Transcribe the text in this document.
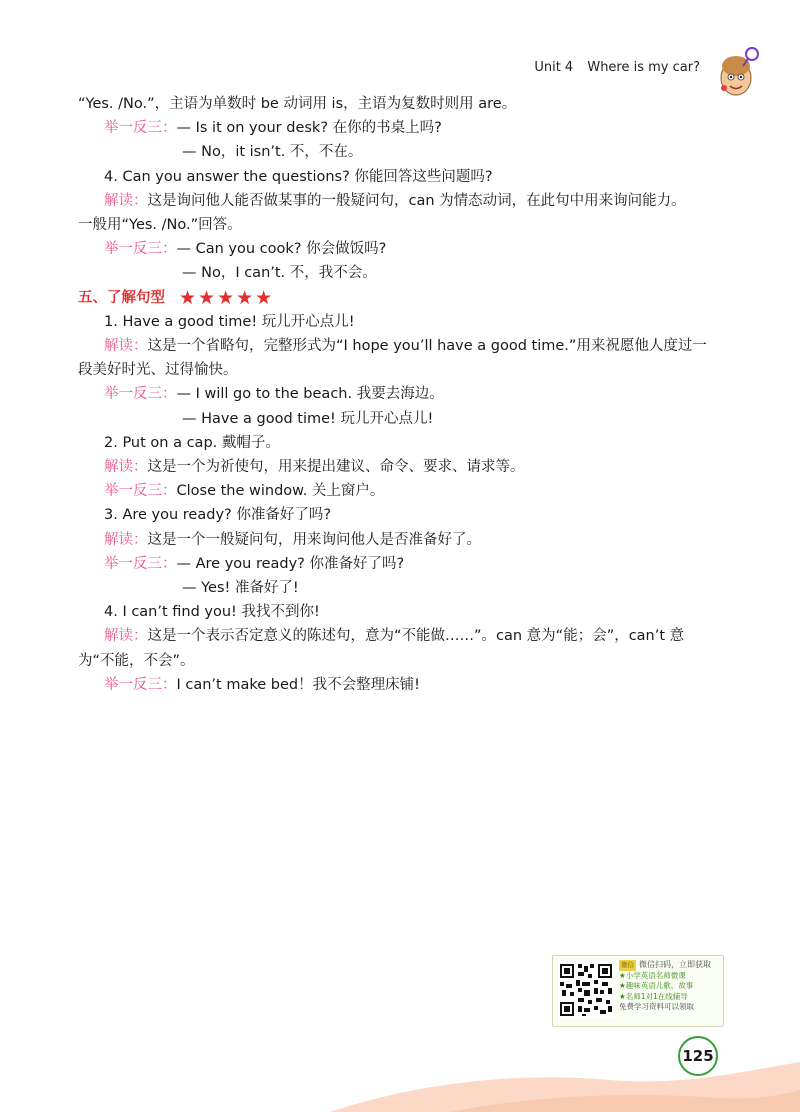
Unit 4 Where is my car?
“Yes. /No.”，主语为单数时 be 动词用 is，主语为复数时则用 are。
举一反三：— Is it on your desk? 在你的书桌上吗?
— No，it isn’t. 不，不在。
4. Can you answer the questions? 你能回答这些问题吗?
解读：这是询问他人能否做某事的一般疑问句，can 为情态动词，在此句中用来询问能力。
一般用“Yes. /No.”回答。
举一反三：— Can you cook? 你会做饭吗?
— No，I can’t. 不，我不会。
五、了解句型 ★★★★★
1. Have a good time! 玩儿开心点儿!
解读：这是一个省略句，完整形式为“I hope you’ll have a good time.”用来祝愿他人度过一
段美好时光、过得愉快。
举一反三：— I will go to the beach. 我要去海边。
— Have a good time! 玩儿开心点儿!
2. Put on a cap. 戴帽子。
解读：这是一个为祈使句，用来提出建议、命令、要求、请求等。
举一反三：Close the window. 关上窗户。
3. Are you ready? 你准备好了吗?
解读：这是一个一般疑问句，用来询问他人是否准备好了。
举一反三：— Are you ready? 你准备好了吗?
— Yes! 准备好了!
4. I can’t find you! 我找不到你!
解读：这是一个表示否定意义的陈述句，意为“不能做……”。can 意为“能；会”，can’t 意
为“不能，不会”。
举一反三：I can’t make bed！我不会整理床铺!
微信 微信扫码，立即获取
★小学英语名师微课
★趣味英语儿歌、故事
★名师1对1在线辅导
免费学习资料可以领取
125
